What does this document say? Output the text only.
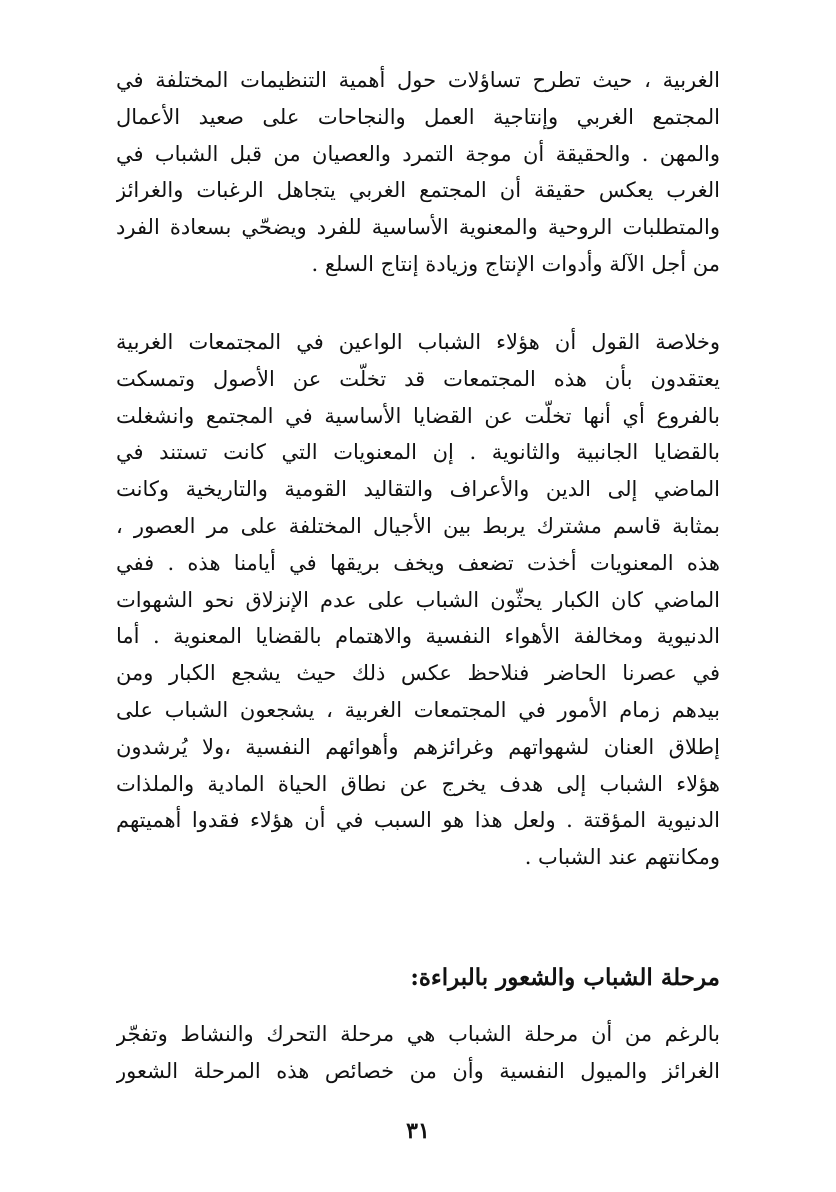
الغربية ، حيث تطرح تساؤلات حول أهمية التنظيمات المختلفة في
المجتمع الغربي وإنتاجية العمل والنجاحات على صعيد الأعمال
والمهن . والحقيقة أن موجة التمرد والعصيان من قبل الشباب في
الغرب يعكس حقيقة أن المجتمع الغربي يتجاهل الرغبات والغرائز
والمتطلبات الروحية والمعنوية الأساسية للفرد ويضحّي بسعادة الفرد
من أجل الآلة وأدوات الإنتاج وزيادة إنتاج السلع .

وخلاصة القول أن هؤلاء الشباب الواعين في المجتمعات الغربية
يعتقدون بأن هذه المجتمعات قد تخلّت عن الأصول وتمسكت
بالفروع أي أنها تخلّت عن القضايا الأساسية في المجتمع وانشغلت
بالقضايا الجانبية والثانوية . إن المعنويات التي كانت تستند في
الماضي إلى الدين والأعراف والتقاليد القومية والتاريخية وكانت
بمثابة قاسم مشترك يربط بين الأجيال المختلفة على مر العصور ،
هذه المعنويات أخذت تضعف ويخف بريقها في أيامنا هذه . ففي
الماضي كان الكبار يحثّون الشباب على عدم الإنزلاق نحو الشهوات
الدنيوية ومخالفة الأهواء النفسية والاهتمام بالقضايا المعنوية . أما
في عصرنا الحاضر فنلاحظ عكس ذلك حيث يشجع الكبار ومن
بيدهم زمام الأمور في المجتمعات الغربية ، يشجعون الشباب على
إطلاق العنان لشهواتهم وغرائزهم وأهوائهم النفسية ،ولا يُرشدون
هؤلاء الشباب إلى هدف يخرج عن نطاق الحياة المادية والملذات
الدنيوية المؤقتة . ولعل هذا هو السبب في أن هؤلاء فقدوا أهميتهم
ومكانتهم عند الشباب .

مرحلة الشباب والشعور بالبراءة:

بالرغم من أن مرحلة الشباب هي مرحلة التحرك والنشاط وتفجّر
الغرائز والميول النفسية وأن من خصائص هذه المرحلة الشعور

٣١
